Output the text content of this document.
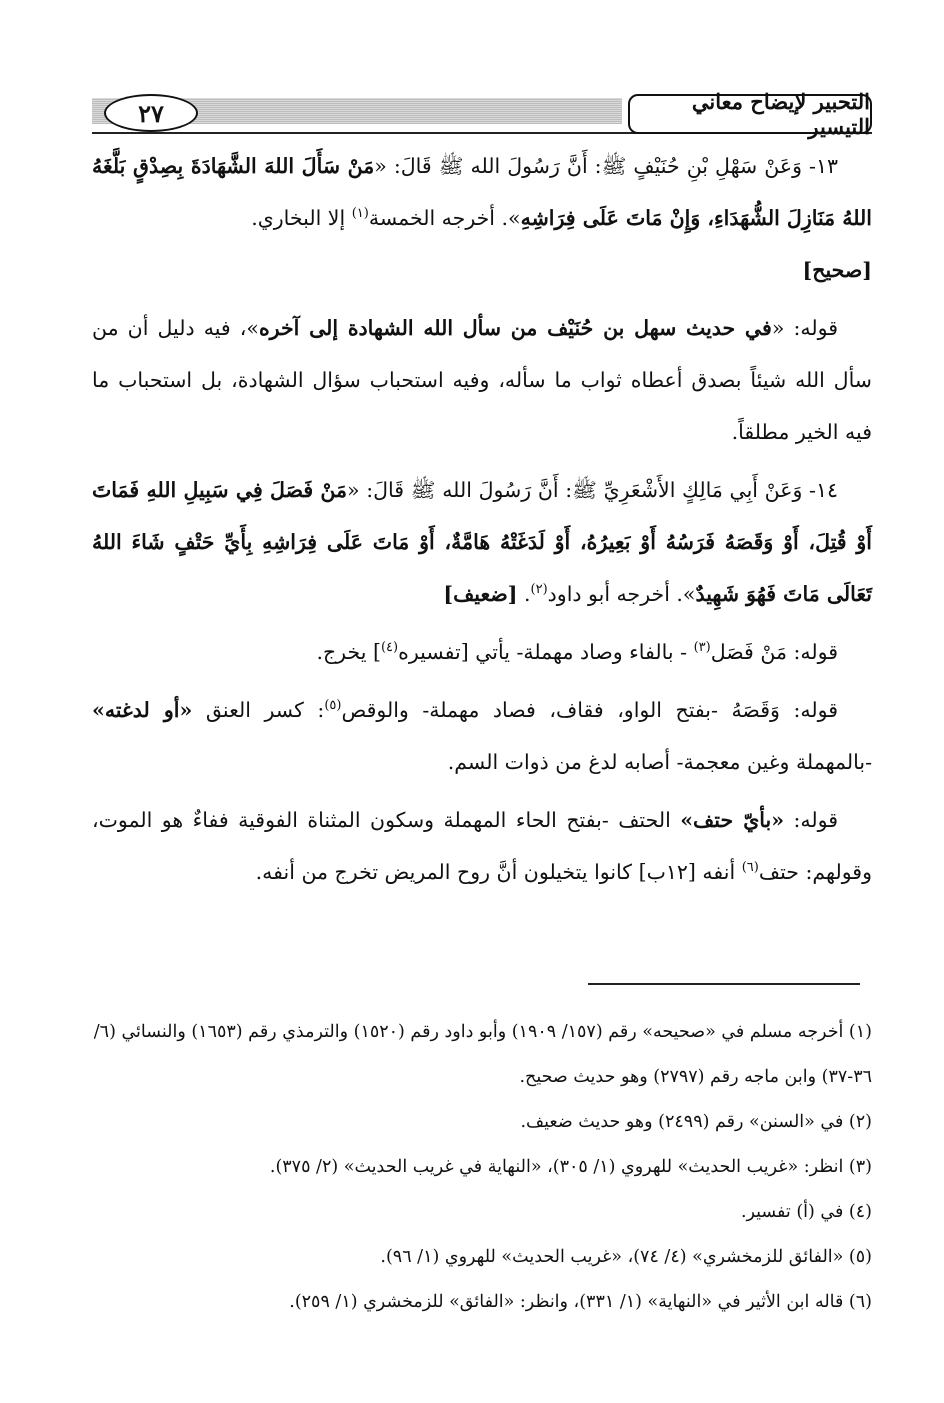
٢٧	التحبير لإيضاح معاني التيسير

١٣- وَعَنْ سَهْلِ بْنِ حُنَيْفٍ ﷺ: أَنَّ رَسُولَ الله ﷺ قَالَ: «مَنْ سَأَلَ اللهَ الشَّهَادَةَ بِصِدْقٍ بَلَّغَهُ اللهُ مَنَازِلَ الشُّهَدَاءِ، وَإِنْ مَاتَ عَلَى فِرَاشِهِ». أخرجه الخمسة$^{(١)}$ إلا البخاري.
[صحيح]

قوله: «في حديث سهل بن حُنَيْف من سأل الله الشهادة إلى آخره»، فيه دليل أن من سأل الله شيئاً بصدق أعطاه ثواب ما سأله، وفيه استحباب سؤال الشهادة، بل استحباب ما فيه الخير مطلقاً.

١٤- وَعَنْ أَبِي مَالِكٍ الأَشْعَرِيِّ ﷺ: أَنَّ رَسُولَ الله ﷺ قَالَ: «مَنْ فَصَلَ فِي سَبِيلِ اللهِ فَمَاتَ أَوْ قُتِلَ، أَوْ وَقَصَهُ فَرَسُهُ أَوْ بَعِيرُهُ، أَوْ لَدَغَتْهُ هَامَّةٌ، أَوْ مَاتَ عَلَى فِرَاشِهِ بِأَيِّ حَتْفٍ شَاءَ اللهُ تَعَالَى مَاتَ فَهُوَ شَهِيدٌ». أخرجه أبو داود$^{(٢)}$. [ضعيف]

قوله: مَنْ فَصَل$^{(٣)}$ - بالفاء وصاد مهملة- يأتي [تفسيره$^{(٤)}$] يخرج.

قوله: وَقَصَهُ -بفتح الواو، فقاف، فصاد مهملة- والوقص$^{(٥)}$: كسر العنق «أو لدغته» -بالمهملة وغين معجمة- أصابه لدغ من ذوات السم.

قوله: «بأيّ حتف» الحتف -بفتح الحاء المهملة وسكون المثناة الفوقية ففاءٌ هو الموت، وقولهم: حتف$^{(٦)}$ أنفه [١٢ب] كانوا يتخيلون أنَّ روح المريض تخرج من أنفه.

(١) أخرجه مسلم في «صحيحه» رقم (١٥٧/ ١٩٠٩) وأبو داود رقم (١٥٢٠) والترمذي رقم (١٦٥٣) والنسائي (٦/ ٣٦-٣٧) وابن ماجه رقم (٢٧٩٧) وهو حديث صحيح.

(٢) في «السنن» رقم (٢٤٩٩) وهو حديث ضعيف.

(٣) انظر: «غريب الحديث» للهروي (١/ ٣٠٥)، «النهاية في غريب الحديث» (٢/ ٣٧٥).

(٤) في (أ) تفسير.

(٥) «الفائق للزمخشري» (٤/ ٧٤)، «غريب الحديث» للهروي (١/ ٩٦).

(٦) قاله ابن الأثير في «النهاية» (١/ ٣٣١)، وانظر: «الفائق» للزمخشري (١/ ٢٥٩).
